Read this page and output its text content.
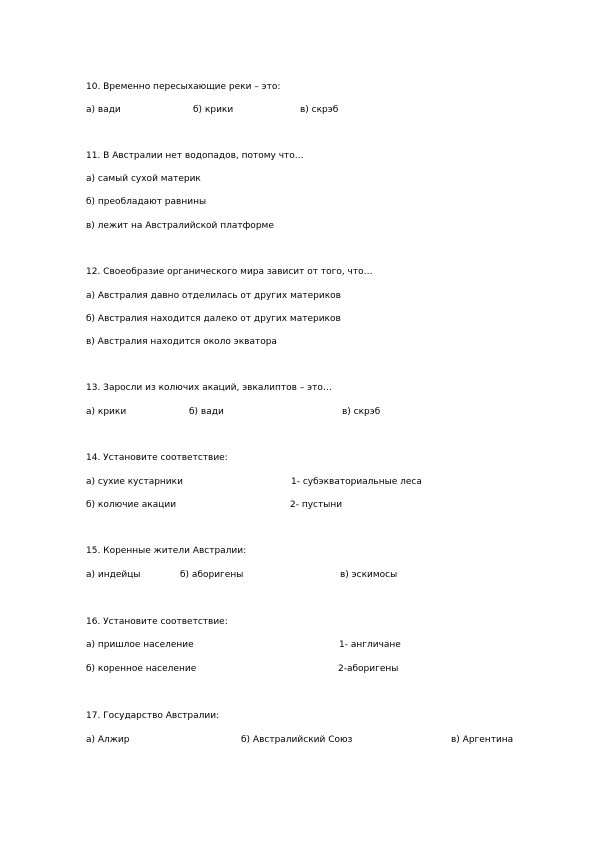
10. Временно пересыхающие реки – это:
а) вади	б) крики	в) скрэб
11. В Австралии нет водопадов, потому что…
а) самый сухой материк
б) преобладают равнины
в) лежит на Австралийской платформе
12. Своеобразие органического мира зависит от того, что…
а) Австралия давно отделилась от других материков
б) Австралия находится далеко от других материков
в) Австралия находится около экватора
13. Заросли из колючих акаций, эвкалиптов – это…
а) крики	б) вади	в) скрэб
14. Установите соответствие:
а) сухие кустарники	1- субэкваториальные леса
б) колючие акации	2- пустыни
15. Коренные жители Австралии:
а) индейцы	б) аборигены	в) эскимосы
16. Установите соответствие:
а) пришлое население	1- англичане
б) коренное население	2-аборигены
17. Государство Австралии:
а) Алжир	б) Австралийский Союз	в) Аргентина
